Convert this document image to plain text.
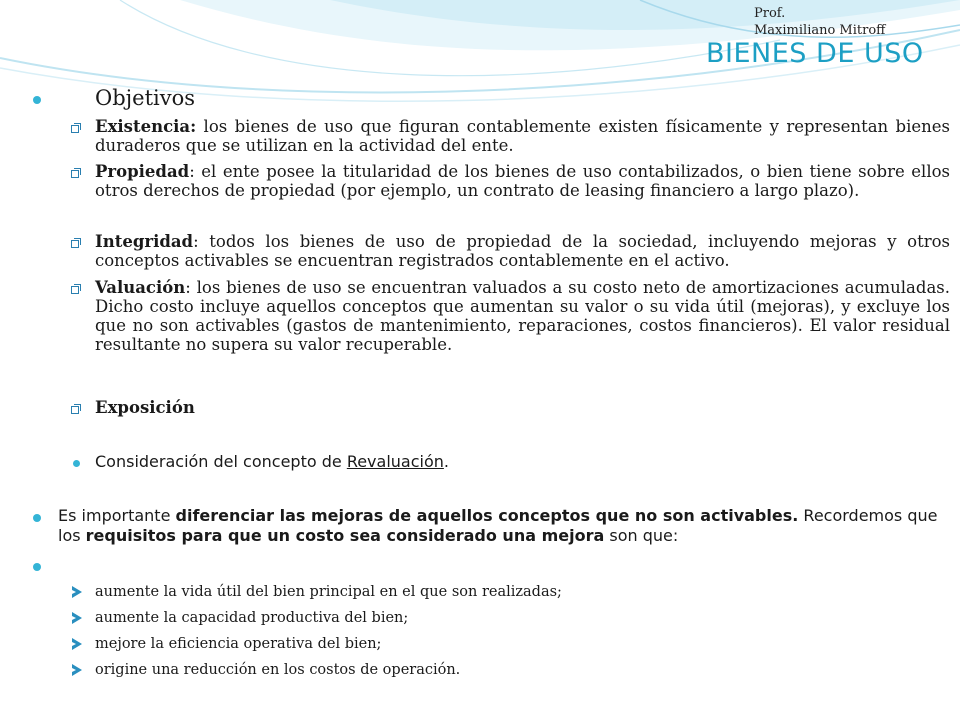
Prof.
Maximiliano Mitroff
BIENES DE USO
Objetivos
Existencia: los bienes de uso que figuran contablemente existen físicamente y representan bienes duraderos que se utilizan en la actividad del ente.
Propiedad: el ente posee la titularidad de los bienes de uso contabilizados, o bien tiene sobre ellos otros derechos de propiedad (por ejemplo, un contrato de leasing financiero a largo plazo).
Integridad: todos los bienes de uso de propiedad de la sociedad, incluyendo mejoras y otros conceptos activables se encuentran registrados contablemente en el activo.
Valuación: los bienes de uso se encuentran valuados a su costo neto de amortizaciones acumuladas. Dicho costo incluye aquellos conceptos que aumentan su valor o su vida útil (mejoras), y excluye los que no son activables (gastos de mantenimiento, reparaciones, costos financieros). El valor residual resultante no supera su valor recuperable.
Exposición
Consideración del concepto de Revaluación.
Es importante diferenciar las mejoras de aquellos conceptos que no son activables. Recordemos que los requisitos para que un costo sea considerado una mejora son que:
aumente la vida útil del bien principal en el que son realizadas;
aumente la capacidad productiva del bien;
mejore la eficiencia operativa del bien;
origine una reducción en los costos de operación.
